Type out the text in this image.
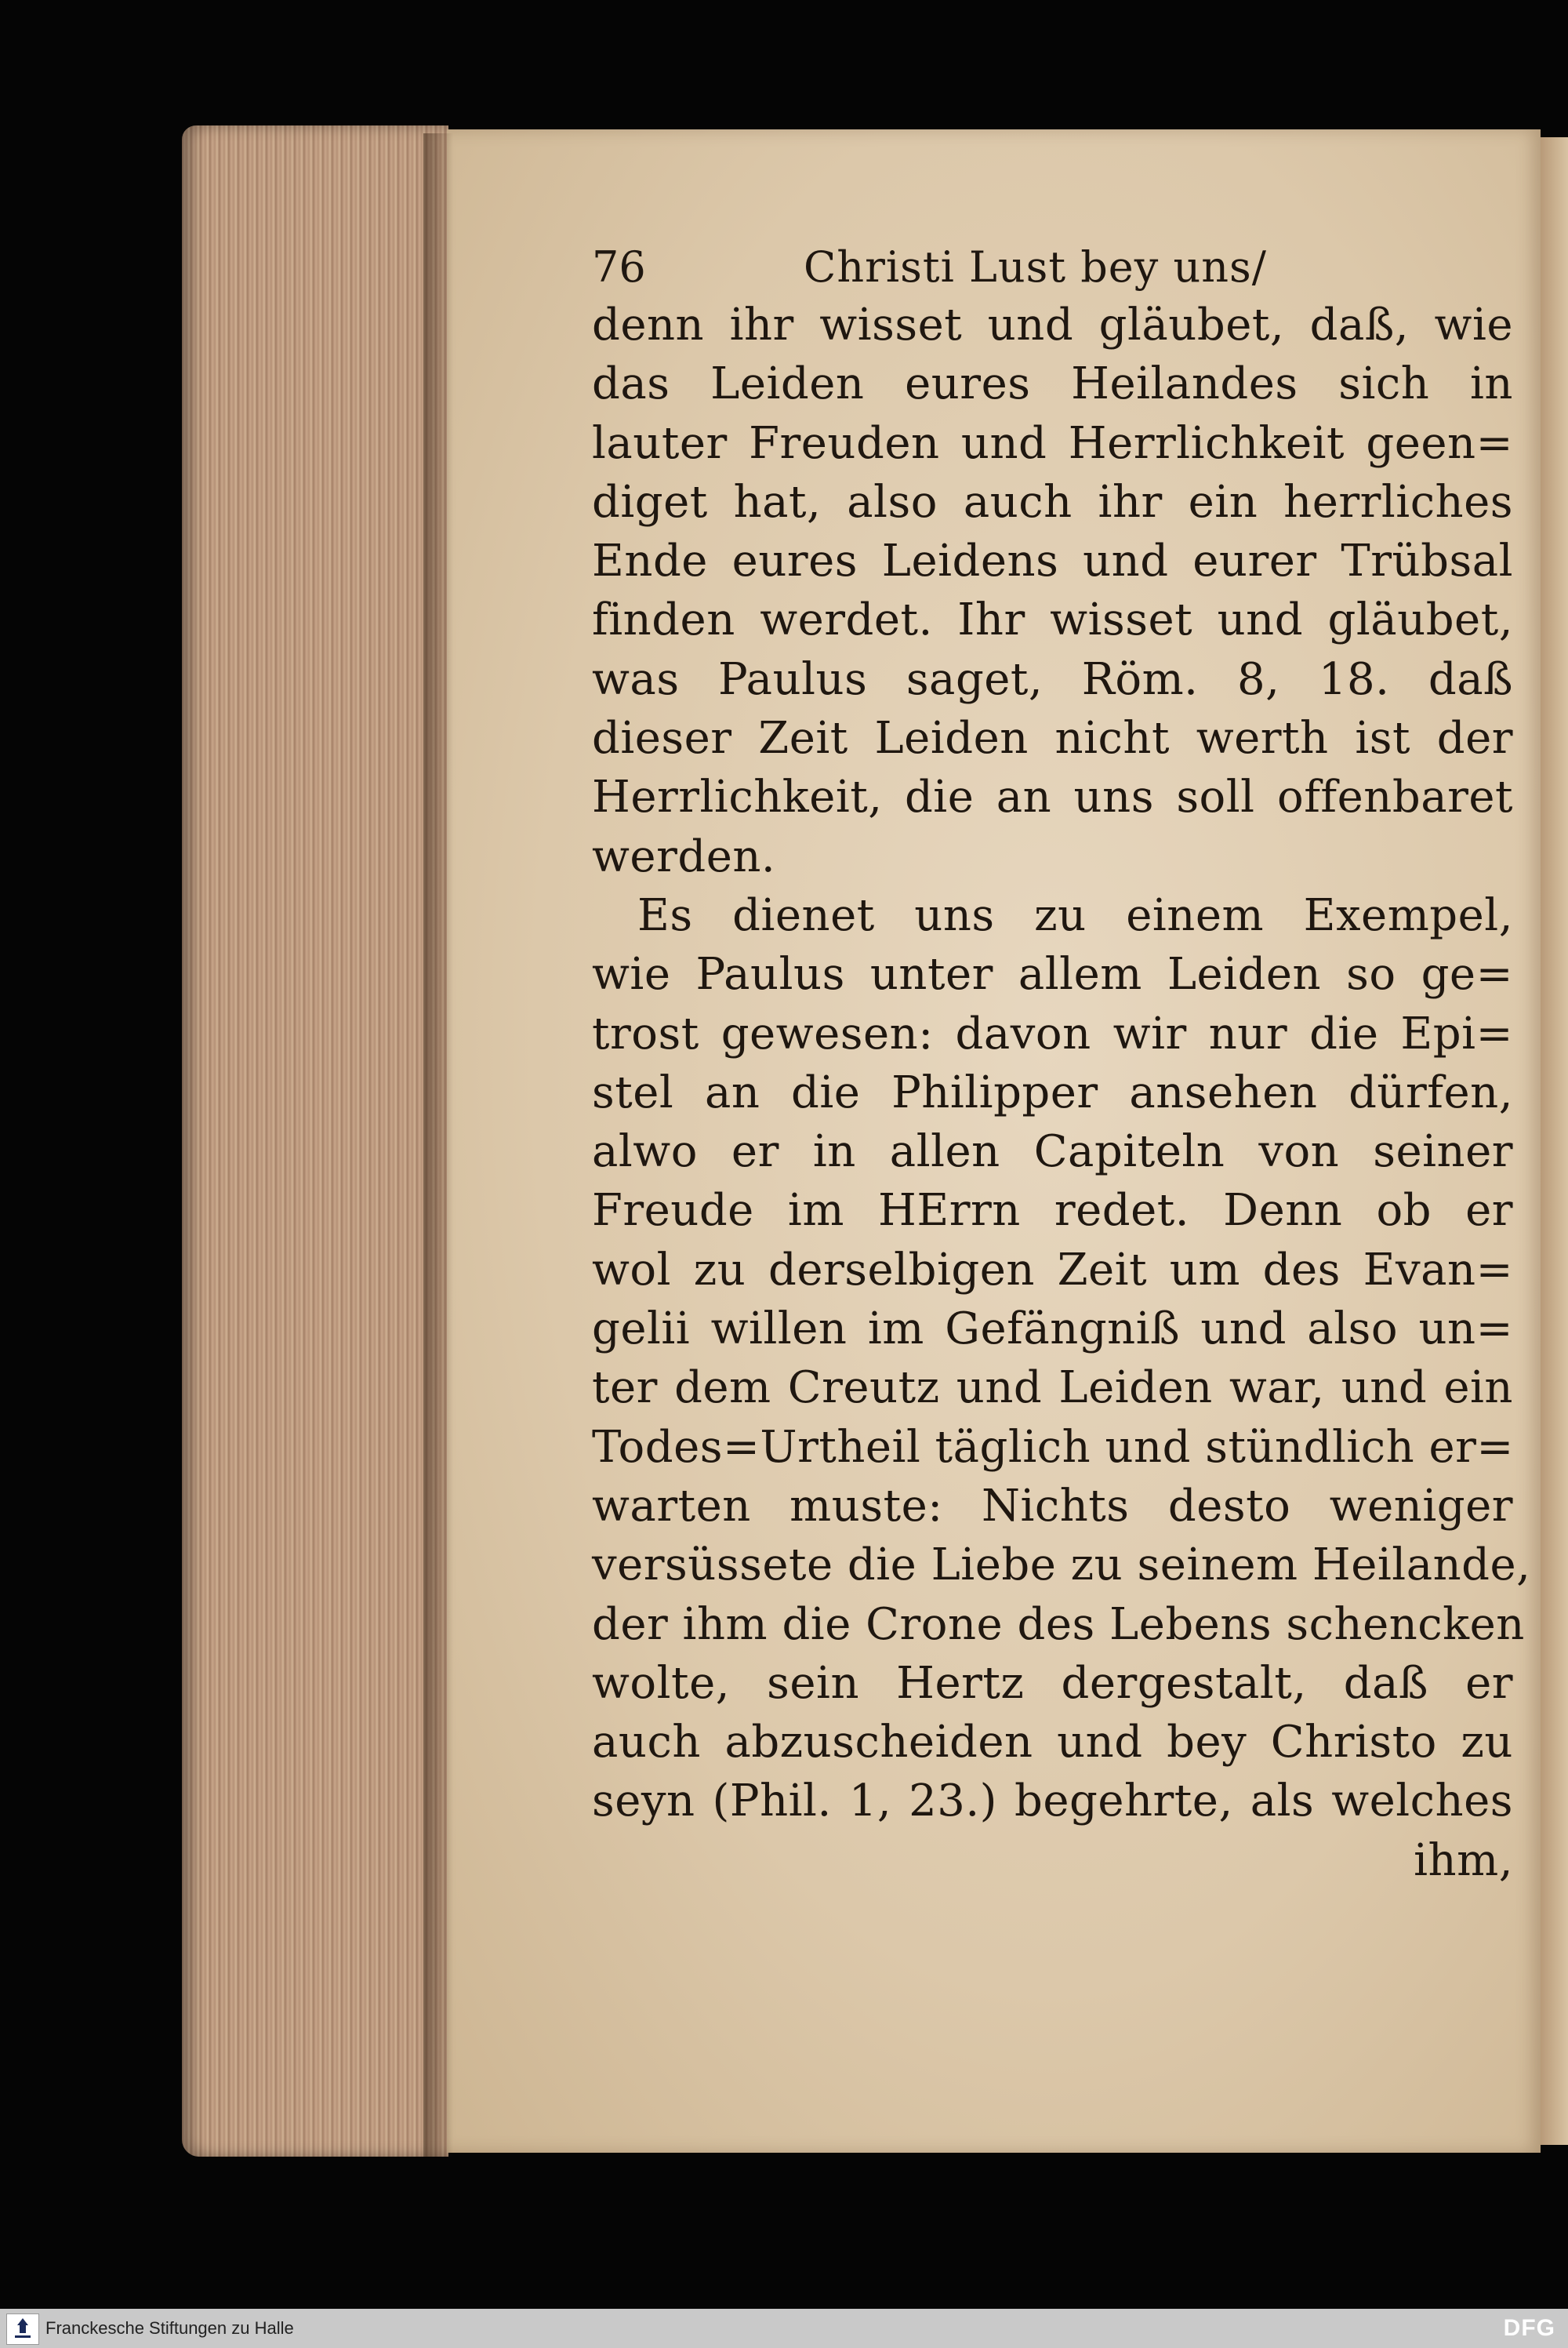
76	Christi Lust bey uns/
denn ihr wisset und gläubet, daß, wie
das Leiden eures Heilandes sich in
lauter Freuden und Herrlichkeit geen=
diget hat, also auch ihr ein herrliches
Ende eures Leidens und eurer Trübsal
finden werdet. Ihr wisset und gläubet,
was Paulus saget, Röm. 8, 18. daß
dieser Zeit Leiden nicht werth ist der
Herrlichkeit, die an uns soll offenbaret
werden.
Es dienet uns zu einem Exempel,
wie Paulus unter allem Leiden so ge=
trost gewesen: davon wir nur die Epi=
stel an die Philipper ansehen dürfen,
alwo er in allen Capiteln von seiner
Freude im HErrn redet. Denn ob er
wol zu derselbigen Zeit um des Evan=
gelii willen im Gefängniß und also un=
ter dem Creutz und Leiden war, und ein
Todes=Urtheil täglich und stündlich er=
warten muste: Nichts desto weniger
versüssete die Liebe zu seinem Heilande,
der ihm die Crone des Lebens schencken
wolte, sein Hertz dergestalt, daß er
auch abzuscheiden und bey Christo zu
seyn (Phil. 1, 23.) begehrte, als welches
ihm,
Franckesche Stiftungen zu Halle	DFG
